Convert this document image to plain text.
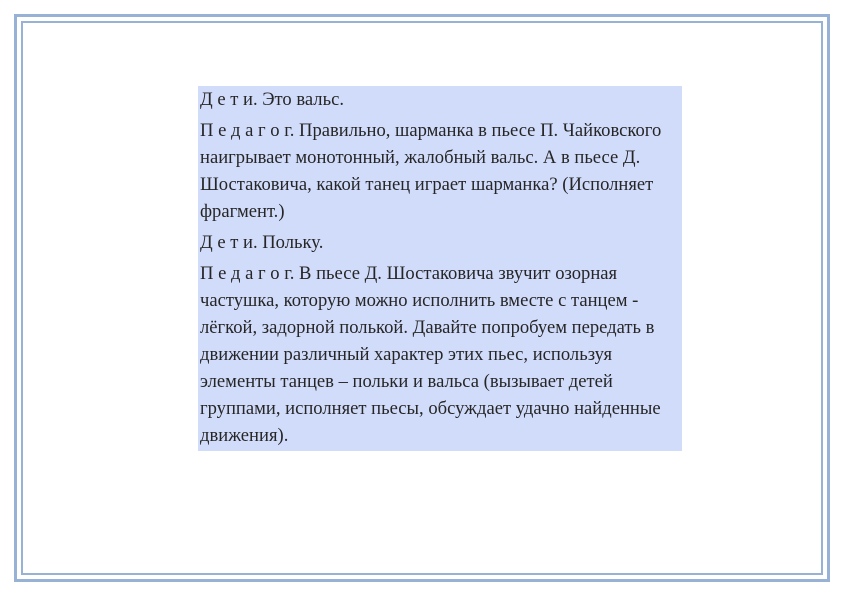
Д е т и. Это вальс.

П е д а г о г. Правильно, шарманка в пьесе П. Чайковского наигрывает монотонный, жалобный вальс. А в пьесе Д. Шостаковича, какой танец играет шарманка? (Исполняет фрагмент.)

Д е т и. Польку.

П е д а г о г. В пьесе Д. Шостаковича звучит озорная частушка, которую можно исполнить вместе с танцем - лёгкой, задорной полькой. Давайте попробуем передать в движении различный характер этих пьес, используя элементы танцев – польки и вальса (вызывает детей группами, исполняет пьесы, обсуждает удачно найденные движения).
